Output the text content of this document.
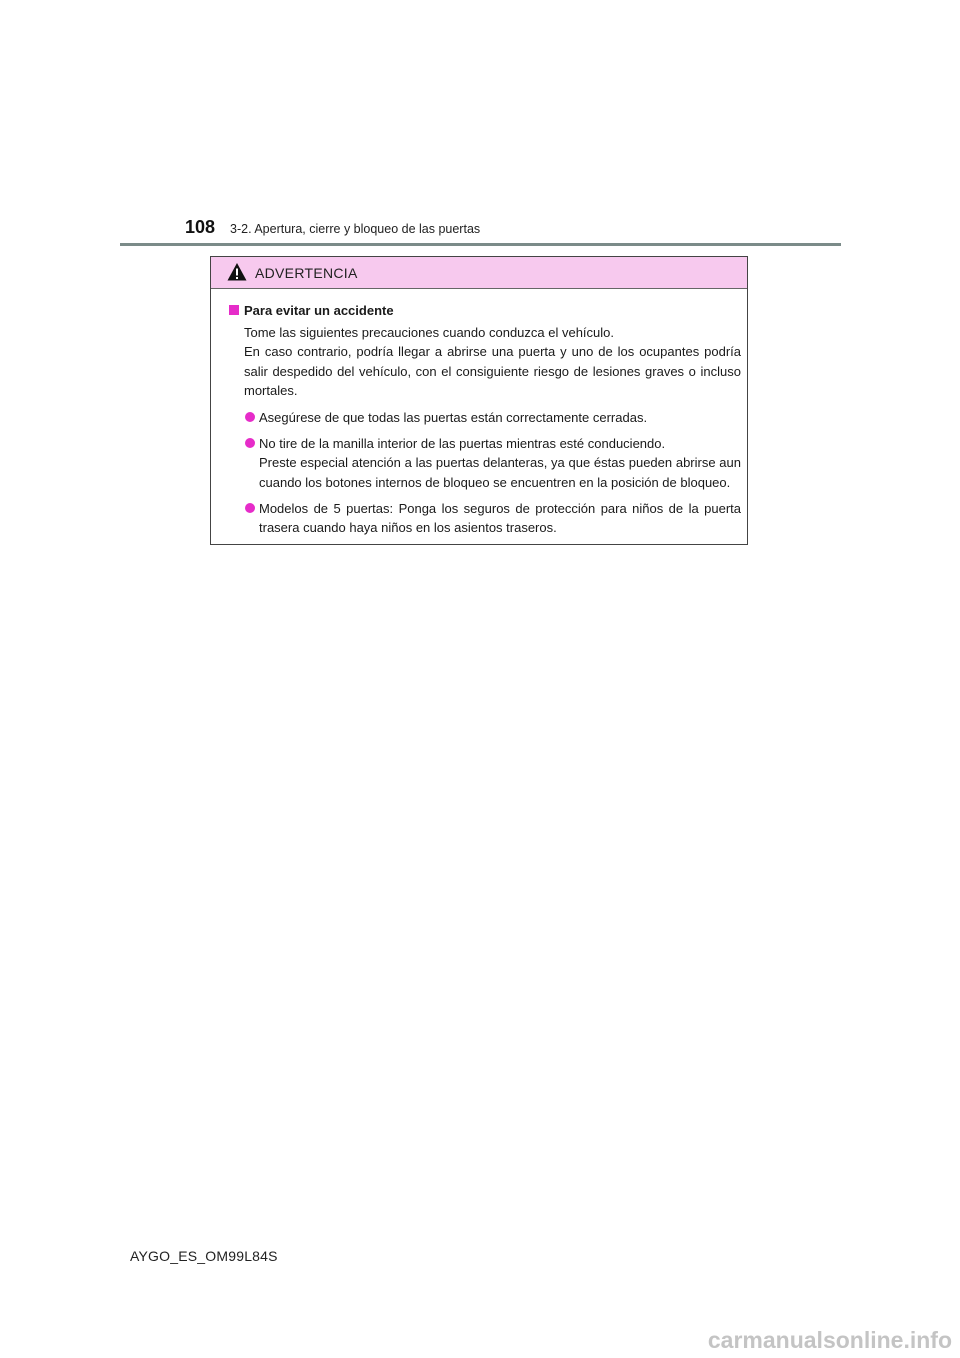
108 3-2. Apertura, cierre y bloqueo de las puertas
ADVERTENCIA
Para evitar un accidente

Tome las siguientes precauciones cuando conduzca el vehículo.

En caso contrario, podría llegar a abrirse una puerta y uno de los ocupantes podría salir despedido del vehículo, con el consiguiente riesgo de lesiones graves o incluso mortales.

Asegúrese de que todas las puertas están correctamente cerradas.

No tire de la manilla interior de las puertas mientras esté conduciendo.

Preste especial atención a las puertas delanteras, ya que éstas pueden abrirse aun cuando los botones internos de bloqueo se encuentren en la posición de bloqueo.

Modelos de 5 puertas: Ponga los seguros de protección para niños de la puerta trasera cuando haya niños en los asientos traseros.

AYGO_ES_OM99L84S
carmanualsonline.info
